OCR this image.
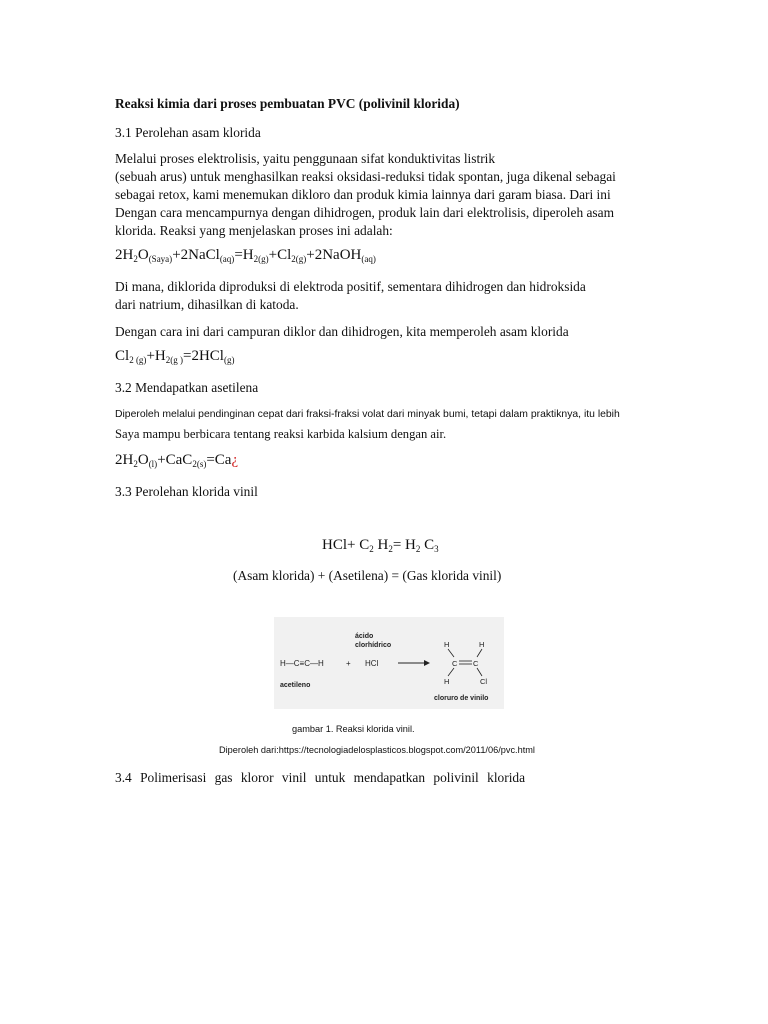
Reaksi kimia dari proses pembuatan PVC (polivinil klorida)
3.1 Perolehan asam klorida
Melalui proses elektrolisis, yaitu penggunaan sifat konduktivitas listrik
(sebuah arus) untuk menghasilkan reaksi oksidasi-reduksi tidak spontan, juga dikenal sebagai
sebagai retox, kami menemukan dikloro dan produk kimia lainnya dari garam biasa. Dari ini
Dengan cara mencampurnya dengan dihidrogen, produk lain dari elektrolisis, diperoleh asam
klorida. Reaksi yang menjelaskan proses ini adalah:
$2H_2O_{(Saya)}+2NaCl_{(aq)}=H_{2(g)}+Cl_{2(g)}+2NaOH_{(aq)}$
Di mana, diklorida diproduksi di elektroda positif, sementara dihidrogen dan hidroksida
dari natrium, dihasilkan di katoda.
Dengan cara ini dari campuran diklor dan dihidrogen, kita memperoleh asam klorida
$Cl_{2 (g)}+H_{2(g )}=2HCl_{(g)}$
3.2 Mendapatkan asetilena
Diperoleh melalui pendinginan cepat dari fraksi-fraksi volat dari minyak bumi, tetapi dalam praktiknya, itu lebih
Saya mampu berbicara tentang reaksi karbida kalsium dengan air.
$2H_2O_{(l)}+CaC_{2(s)}=Ca¿$
3.3 Perolehan klorida vinil
$HCl+ C_2$ $H_2= H_2$ $C_3$
(Asam klorida) + (Asetilena) = (Gas klorida vinil)
ácido
clorhídrico
H—C≡C—H	+ HCl
acetileno
H	H
C C
H	Cl
cloruro de vinilo
gambar 1. Reaksi klorida vinil.
Diperoleh dari:https://tecnologiadelosplasticos.blogspot.com/2011/06/pvc.html
3.4 Polimerisasi gas kloror vinil untuk mendapatkan polivinil klorida
